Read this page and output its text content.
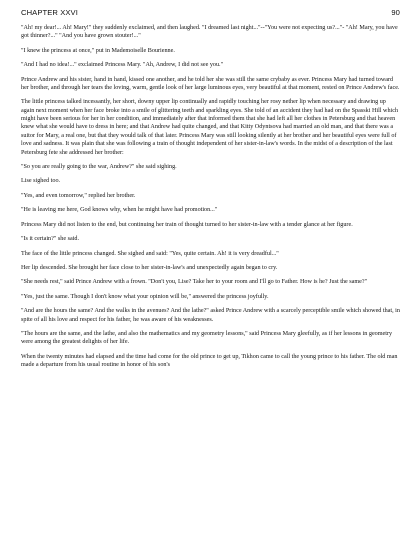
CHAPTER XXVI	90

"Ah! my dear!... Ah! Mary!" they suddenly exclaimed, and then laughed. "I dreamed last night..."--"You were not expecting us?..."- "Ah! Mary, you have got thinner?..." "And you have grown stouter!..."

"I knew the princess at once," put in Mademoiselle Bourienne.

"And I had no idea!..." exclaimed Princess Mary. "Ah, Andrew, I did not see you."

Prince Andrew and his sister, hand in hand, kissed one another, and he told her she was still the same crybaby as ever. Princess Mary had turned toward her brother, and through her tears the loving, warm, gentle look of her large luminous eyes, very beautiful at that moment, rested on Prince Andrew's face.

The little princess talked incessantly, her short, downy upper lip continually and rapidly touching her rosy nether lip when necessary and drawing up again next moment when her face broke into a smile of glittering teeth and sparkling eyes. She told of an accident they had had on the Spasski Hill which might have been serious for her in her condition, and immediately after that informed them that she had left all her clothes in Petersburg and that heaven knew what she would have to dress in here; and that Andrew had quite changed, and that Kitty Odyntsova had married an old man, and that there was a suitor for Mary, a real one, but that they would talk of that later. Princess Mary was still looking silently at her brother and her beautiful eyes were full of love and sadness. It was plain that she was following a train of thought independent of her sister-in-law's words. In the midst of a description of the last Petersburg fete she addressed her brother:

"So you are really going to the war, Andrew?" she said sighing.

Lise sighed too.

"Yes, and even tomorrow," replied her brother.

"He is leaving me here, God knows why, when he might have had promotion..."

Princess Mary did not listen to the end, but continuing her train of thought turned to her sister-in-law with a tender glance at her figure.

"Is it certain?" she said.

The face of the little princess changed. She sighed and said: "Yes, quite certain. Ah! it is very dreadful..."

Her lip descended. She brought her face close to her sister-in-law's and unexpectedly again began to cry.

"She needs rest," said Prince Andrew with a frown. "Don't you, Lise? Take her to your room and I'll go to Father. How is he? Just the same?"

"Yes, just the same. Though I don't know what your opinion will be," answered the princess joyfully.

"And are the hours the same? And the walks in the avenues? And the lathe?" asked Prince Andrew with a scarcely perceptible smile which showed that, in spite of all his love and respect for his father, he was aware of his weaknesses.

"The hours are the same, and the lathe, and also the mathematics and my geometry lessons," said Princess Mary gleefully, as if her lessons in geometry were among the greatest delights of her life.

When the twenty minutes had elapsed and the time had come for the old prince to get up, Tikhon came to call the young prince to his father. The old man made a departure from his usual routine in honor of his son's
